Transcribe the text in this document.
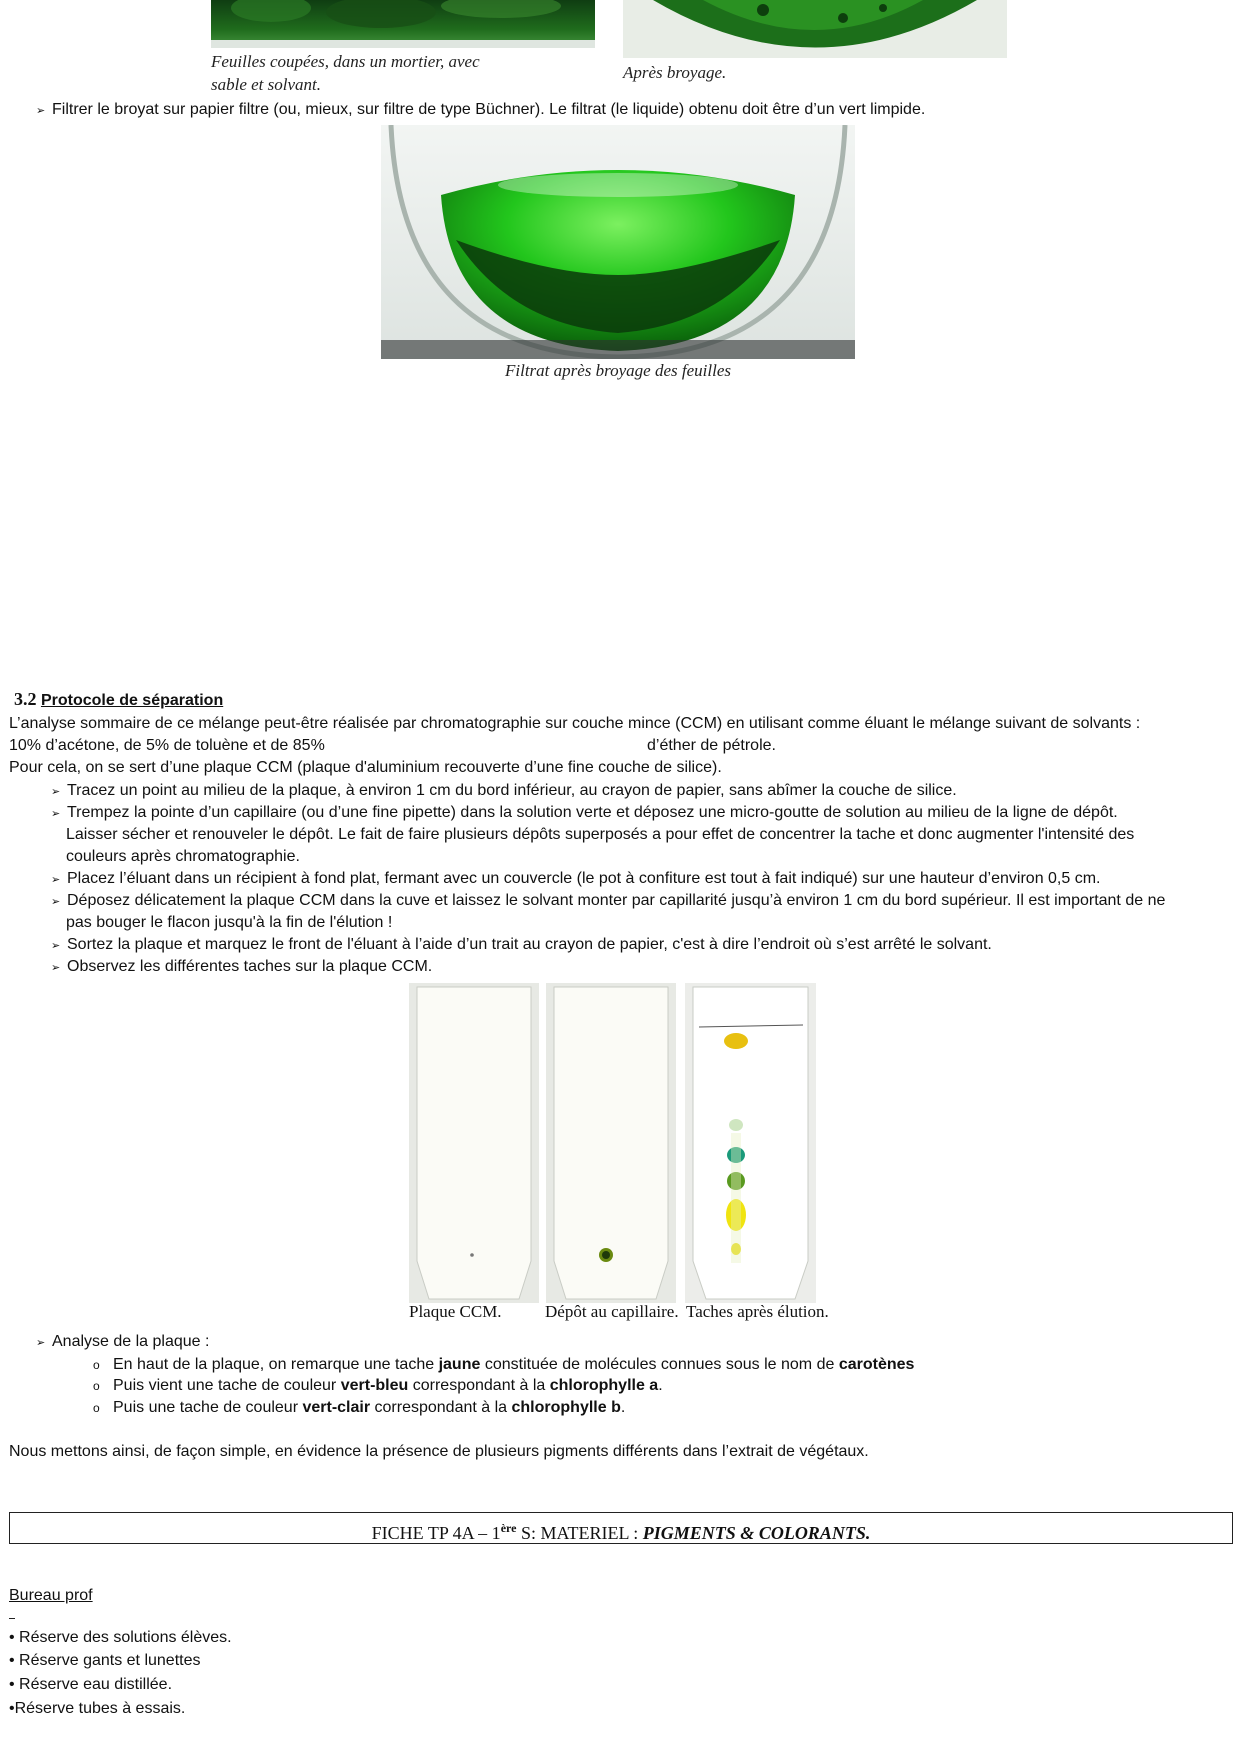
Feuilles coupées, dans un mortier, avec
sable et solvant.
Après broyage.
➢ Filtrer le broyat sur papier filtre (ou, mieux, sur filtre de type Büchner). Le filtrat (le liquide) obtenu doit être d’un vert limpide.
Filtrat après broyage des feuilles
3.2 Protocole de séparation
L’analyse sommaire de ce mélange peut-être réalisée par chromatographie sur couche mince (CCM) en utilisant comme éluant le mélange suivant de solvants :
10% d’acétone, de 5% de toluène et de 85%	d’éther de pétrole.
Pour cela, on se sert d’une plaque CCM (plaque d'aluminium recouverte d’une fine couche de silice).
➢ Tracez un point au milieu de la plaque, à environ 1 cm du bord inférieur, au crayon de papier, sans abîmer la couche de silice.
➢ Trempez la pointe d’un capillaire (ou d’une fine pipette) dans la solution verte et déposez une micro-goutte de solution au milieu de la ligne de dépôt.
Laisser sécher et renouveler le dépôt. Le fait de faire plusieurs dépôts superposés a pour effet de concentrer la tache et donc augmenter l'intensité des
couleurs après chromatographie.
➢ Placez l’éluant dans un récipient à fond plat, fermant avec un couvercle (le pot à confiture est tout à fait indiqué) sur une hauteur d’environ 0,5 cm.
➢ Déposez délicatement la plaque CCM dans la cuve et laissez le solvant monter par capillarité jusqu’à environ 1 cm du bord supérieur. Il est important de ne
pas bouger le flacon jusqu'à la fin de l'élution !
➢ Sortez la plaque et marquez le front de l'éluant à l’aide d’un trait au crayon de papier, c'est à dire l’endroit où s’est arrêté le solvant.
➢ Observez les différentes taches sur la plaque CCM.
Plaque CCM.	Dépôt au capillaire. Taches après élution.
➢ Analyse de la plaque :
o En haut de la plaque, on remarque une tache jaune constituée de molécules connues sous le nom de carotènes
o Puis vient une tache de couleur vert-bleu correspondant à la chlorophylle a.
o Puis une tache de couleur vert-clair correspondant à la chlorophylle b.
Nous mettons ainsi, de façon simple, en évidence la présence de plusieurs pigments différents dans l’extrait de végétaux.
FICHE TP 4A – 1ère S: MATERIEL : PIGMENTS & COLORANTS.
Bureau prof
• Réserve des solutions élèves.
• Réserve gants et lunettes
• Réserve eau distillée.
•Réserve tubes à essais.
